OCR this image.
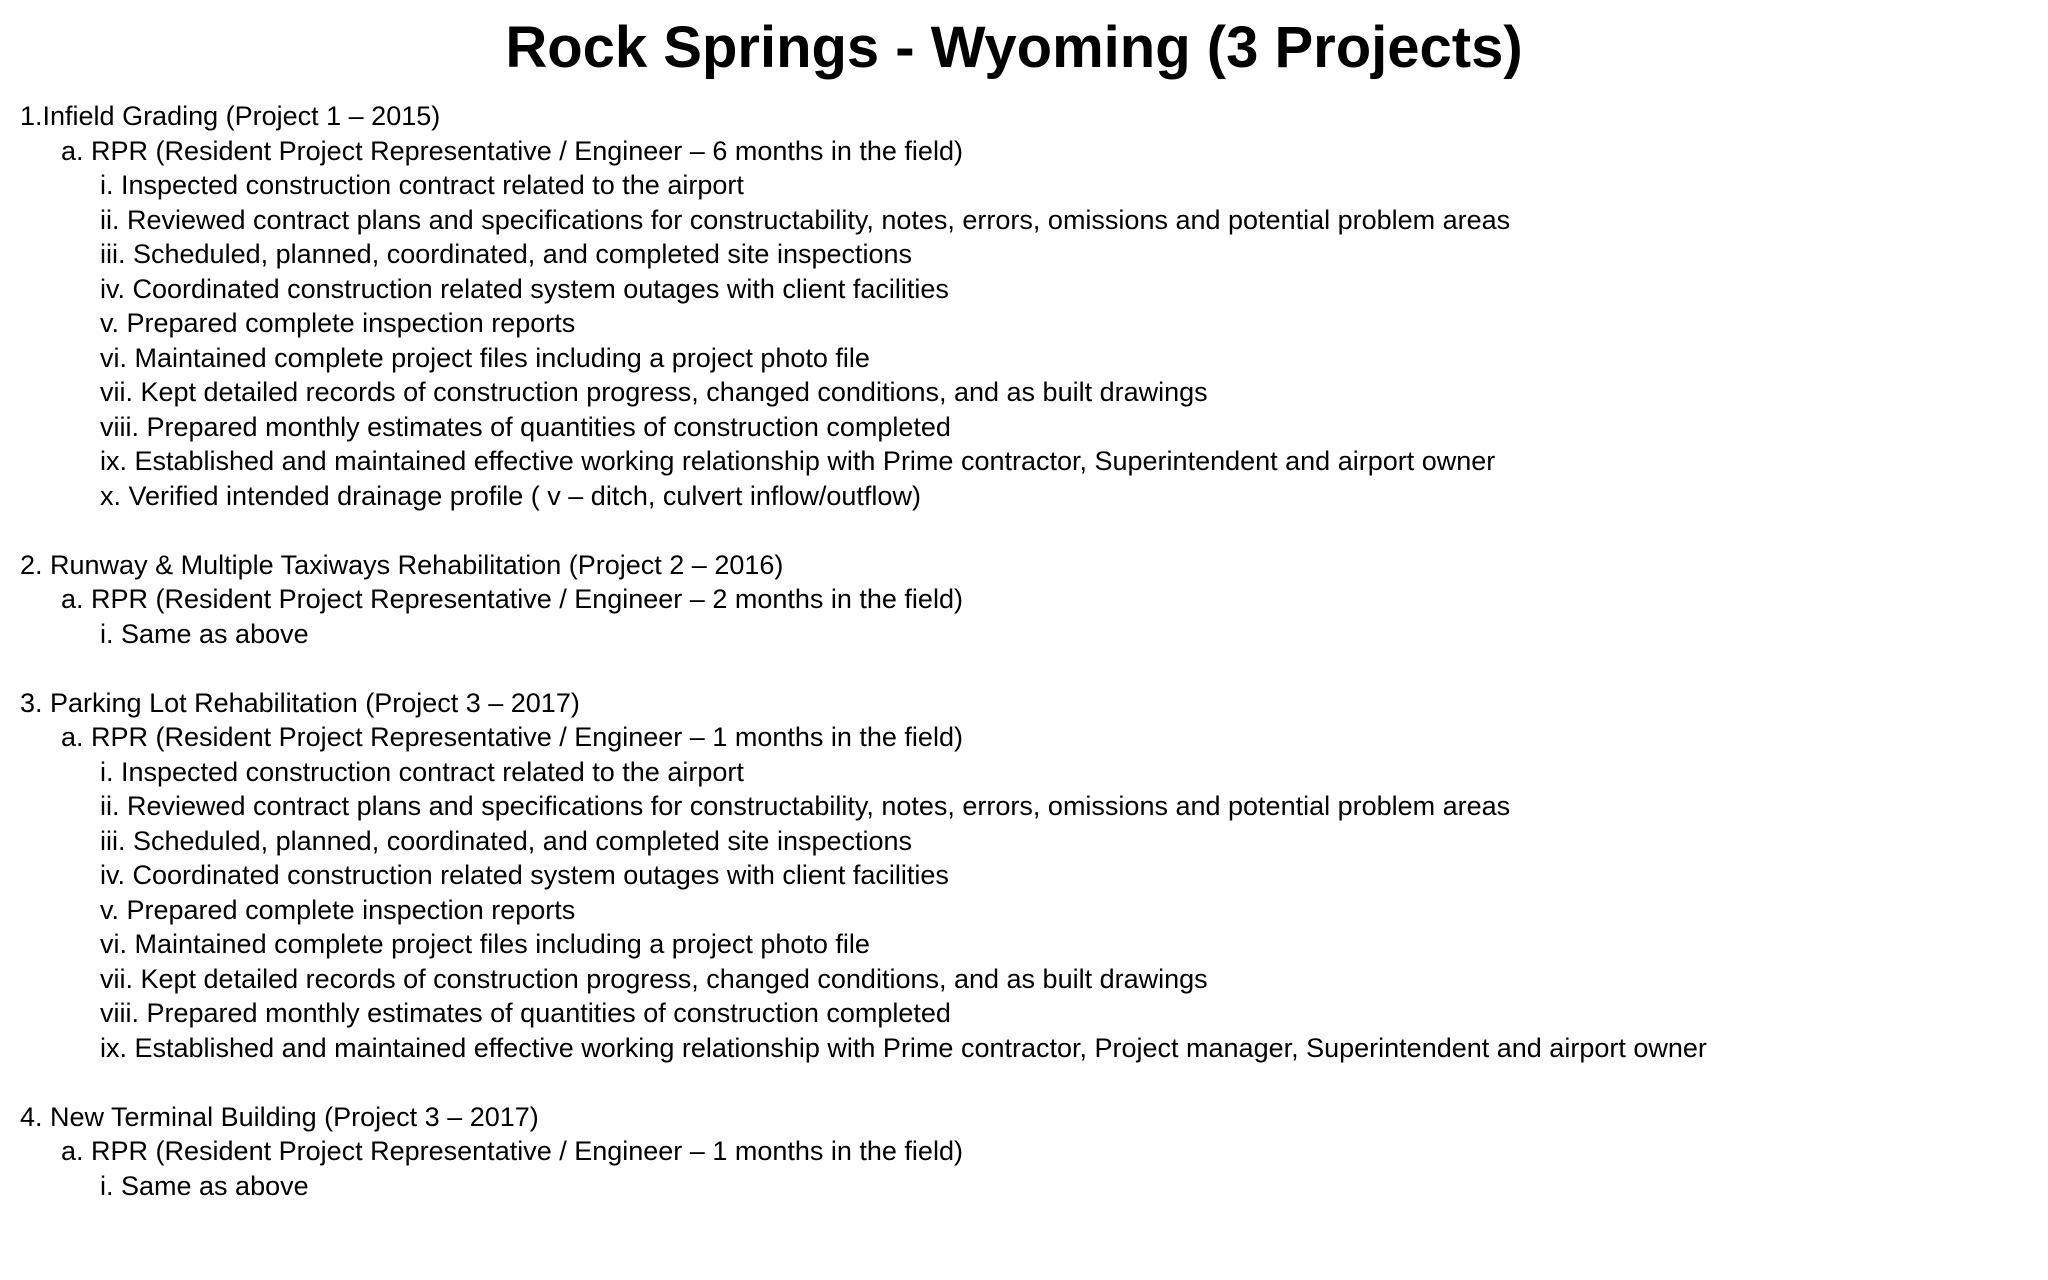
Rock Springs - Wyoming (3 Projects)
1.Infield Grading (Project 1 – 2015)
a. RPR (Resident Project Representative / Engineer – 6 months in the field)
i. Inspected construction contract related to the airport
ii. Reviewed contract plans and specifications for constructability, notes, errors, omissions and potential problem areas
iii. Scheduled, planned, coordinated, and completed site inspections
iv. Coordinated construction related system outages with client facilities
v. Prepared complete inspection reports
vi. Maintained complete project files including a project photo file
vii. Kept detailed records of construction progress, changed conditions, and as built drawings
viii. Prepared monthly estimates of quantities of construction completed
ix. Established and maintained effective working relationship with Prime contractor, Superintendent and airport owner
x. Verified intended drainage profile ( v – ditch, culvert inflow/outflow)
2. Runway & Multiple Taxiways Rehabilitation (Project 2 – 2016)
a. RPR (Resident Project Representative / Engineer – 2 months in the field)
i. Same as above
3. Parking Lot Rehabilitation (Project 3 – 2017)
a. RPR (Resident Project Representative / Engineer – 1 months in the field)
i. Inspected construction contract related to the airport
ii. Reviewed contract plans and specifications for constructability, notes, errors, omissions and potential problem areas
iii. Scheduled, planned, coordinated, and completed site inspections
iv. Coordinated construction related system outages with client facilities
v. Prepared complete inspection reports
vi. Maintained complete project files including a project photo file
vii. Kept detailed records of construction progress, changed conditions, and as built drawings
viii. Prepared monthly estimates of quantities of construction completed
ix. Established and maintained effective working relationship with Prime contractor, Project manager, Superintendent and airport owner
4. New Terminal Building (Project 3 – 2017)
a. RPR (Resident Project Representative / Engineer – 1 months in the field)
i. Same as above
